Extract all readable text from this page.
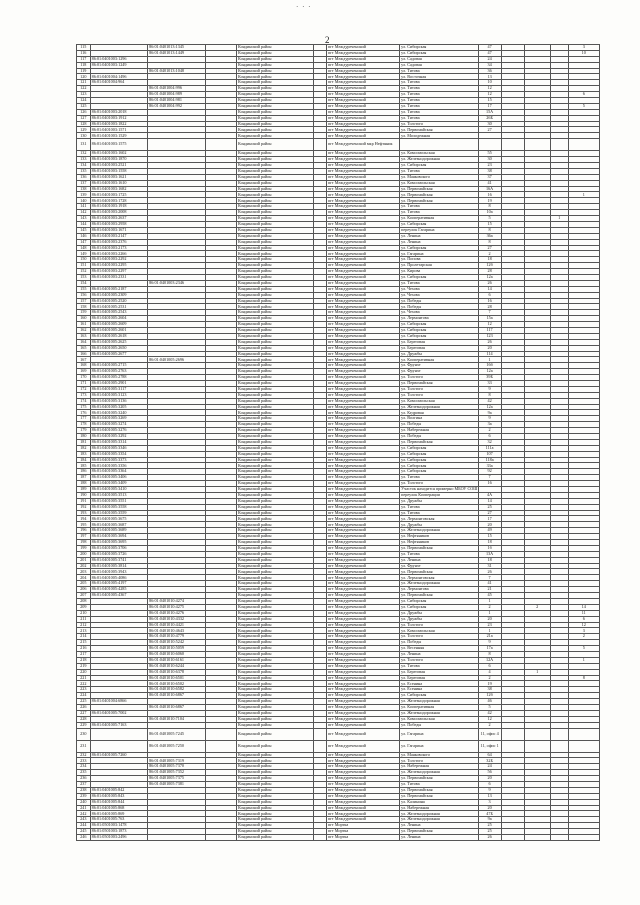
· · ·
2
115		86:01:0401013:1345		Кондинский район		пгт Междуреченский	ул. Сибирская	47				3
116		86:01:0401013:1449		Кондинский район		пгт Междуреченский	ул. Сибирская	47				10
117	86:01:0401003:1296			Кондинский район		пгт Междуреченский	ул. Садовая	24				
118	86:01:0401003:1249			Кондинский район		пгт Междуреченский	ул. Садовая	34				
119		86:01:0401013:1048		Кондинский район		пгт Междуреченский	ул. Титова	36				
120	86:01:0401004:1496			Кондинский район		пгт Междуреченский	ул. Восточная	13				
121	86:01:0401004:964			Кондинский район		пгт Междуреченский	ул. Титова	10				
122		86:01:0401004:996		Кондинский район		пгт Междуреченский	ул. Титова	12				
123		86:01:0401004:989		Кондинский район		пгт Междуреченский	ул. Титова	12				6
124		86:01:0401004:981		Кондинский район		пгт Междуреченский	ул. Титова	15				
125		86:01:0401004:992		Кондинский район		пгт Междуреченский	ул. Титова	17				5
126	86:01:0401003:2018			Кондинский район		пгт Междуреченский	ул. Титова	15А				
127	86:01:0401003:1912			Кондинский район		пгт Междуреченский	ул. Титова	26Б				
128	86:01:0401003:1822			Кондинский район		пгт Междуреченский	ул. Толстого	30				
129	86:01:0401003:1571			Кондинский район		пгт Междуреченский	ул. Первомайская	27				
130	86:01:0401003:1529			Кондинский район		пгт Междуреченский	ул. Молодежная					
131	86:01:0401003:1575			Кондинский район		пгт Междуреченский мкр Нефтяник						
132	86:01:0401003:1602			Кондинский район		пгт Междуреченский	ул. Комсомольская	55				
133	86:01:0401003:1870			Кондинский район		пгт Междуреченский	ул. Железнодорожная	30				
134	86:01:0401003:2521			Кондинский район		пгт Междуреченский	ул. Сибирская	23				
135	86:01:0401003:1558			Кондинский район		пгт Междуреченский	ул. Титова	38				
136	86:01:0401003:1621			Кондинский район		пгт Междуреченский	ул. Маяковского	37				
137	86:01:0401003:1610			Кондинский район		пгт Междуреченский	ул. Комсомольская	41				
138	86:01:0401003:1682			Кондинский район		пгт Междуреченский	ул. Первомайская	16А				
139	86:01:0401003:1725			Кондинский район		пгт Междуреченский	ул. Первомайская	16				1
140	86:01:0401003:1728			Кондинский район		пгт Междуреченский	ул. Первомайская	19				
141	86:01:0401003:1918			Кондинский район		пгт Междуреченский	ул. Титова	8				
142	86:01:0401003:2008			Кондинский район		пгт Междуреченский	ул. Титова	10а				
143	86:01:0401003:2637			Кондинский район		пгт Междуреченский	ул. Кооперативная	5			1	
144	86:01:0401003:2958			Кондинский район		пгт Междуреченский	ул. Сибирская	15				
145	86:01:0401003:1671			Кондинский район		пгт Междуреченский	переулок Гагарина	8				
146	86:01:0401003:2147			Кондинский район		пгт Междуреченский	ул. Ленина	36а				
147	86:01:0401003:2376			Кондинский район		пгт Междуреченский	ул. Ленина	8				
148	86:01:0401003:2173			Кондинский район		пгт Междуреченский	ул. Сибирская	27				
149	86:01:0401003:2266			Кондинский район		пгт Междуреченский	ул. Гагарина	2				
150	86:01:0401003:2292			Кондинский район		пгт Междуреченский	ул. Попова	18				
151	86:01:0401003:2295			Кондинский район		пгт Междуреченский	ул. Пролетарская	12б				
152	86:01:0401003:2297			Кондинский район		пгт Междуреченский	ул. Кирова	28				
153	86:01:0401003:2331			Кондинский район		пгт Междуреченский	ул. Сибирская	12а				
154		86:01:0401003:2346		Кондинский район		пгт Междуреченский	ул. Титова	26				
155	86:01:0401005:2187			Кондинский район		пгт Междуреченский	ул. Чехова	14				
156	86:01:0401005:2309			Кондинский район		пгт Междуреченский	ул. Чехова	6				
157	86:01:0401005:2520			Кондинский район		пгт Междуреченский	ул. Победы	16				
158	86:01:0401005:2531			Кондинский район		пгт Междуреченский	ул. Победы	28				
159	86:01:0401005:2543			Кондинский район		пгт Междуреченский	ул. Чехова	7				
160	86:01:0401005:2604			Кондинский район		пгт Междуреченский	ул. Лермонтова	15а				
161	86:01:0401005:2609			Кондинский район		пгт Междуреченский	ул. Сибирская	12				
162	86:01:0401005:2601			Кондинский район		пгт Междуреченский	ул. Сибирская	117				
163	86:01:0401005:2618			Кондинский район		пгт Междуреченский	ул. Сибирская	123				
164	86:01:0401005:2625			Кондинский район		пгт Междуреченский	ул. Береговая	26				
165	86:01:0401005:2650			Кондинский район		пгт Междуреченский	ул. Береговая	20				
166	86:01:0401005:2677			Кондинский район		пгт Междуреченский	ул. Дружбы	114				
167		86:01:0401005:2696		Кондинский район		пгт Междуреченский	ул. Кооперативная	1				
168	86:01:0401005:2715			Кондинский район		пгт Междуреченский	ул. Фрунзе	16б				
169	86:01:0401005:2763			Кондинский район		пгт Междуреченский	ул. Фрунзе	12а				
170	86:01:0401005:2788			Кондинский район		пгт Междуреченский	ул. Толстого	39Б				
171	86:01:0401005:2901			Кондинский район		пгт Междуреченский	ул. Первомайская	33				
172	86:01:0401005:3117			Кондинский район		пгт Междуреченский	ул. Толстого	9				
173	86:01:0401005:3123			Кондинский район		пгт Междуреченский	ул. Толстого	8				
174	86:01:0401005:3136			Кондинский район		пгт Междуреченский	ул. Комсомольская	42				
175	86:01:0401005:3205			Кондинский район		пгт Междуреченский	ул. Железнодорожная	12а				
176	86:01:0401005:3240			Кондинский район		пгт Междуреченский	ул. Кедровая	9а				
177	86:01:0401005:3269			Кондинский район		пгт Междуреченский	ул. Волгина	9				
178	86:01:0401005:3274			Кондинский район		пгт Междуреченский	ул. Победы	3а				
179	86:01:0401005:3276			Кондинский район		пгт Междуреченский	ул. Набережная	2				
180	86:01:0401005:3292			Кондинский район		пгт Междуреченский	ул. Победы	6				
181	86:01:0401005:3314			Кондинский район		пгт Междуреченский	ул. Первомайская	32				
182	86:01:0401005:3346			Кондинский район		пгт Междуреченский	ул. Сибирская	111а				
183	86:01:0401005:3354			Кондинский район		пгт Междуреченский	ул. Сибирская	107				
184	86:01:0401005:3373			Кондинский район		пгт Междуреченский	ул. Сибирская	118а				
185	86:01:0401005:3356			Кондинский район		пгт Междуреченский	ул. Сибирская	33а				
186	86:01:0401005:3364			Кондинский район		пгт Междуреченский	ул. Сибирская	92				
187	86:01:0401005:3406			Кондинский район		пгт Междуреченский	ул. Титова	7				
188	86:01:0401005:3409			Кондинский район		пгт Междуреченский	ул. Толстого	16				
189	86:01:0401005:3410			Кондинский район		пгт Междуреченский	Участок находится примерно МБОУ СОШ					
190	86:01:0401005:3513			Кондинский район		пгт Междуреченский	переулок Кооперации	4А				
191	86:01:0401005:3551			Кондинский район		пгт Междуреченский	ул. Дружбы	14				
192	86:01:0401005:3558			Кондинский район		пгт Междуреченский	ул. Титова	25				
193	86:01:0401005:3559			Кондинский район		пгт Междуреченский	ул. Титова	27				
194	86:01:0401005:3675			Кондинский район		пгт Междуреченский	ул. Лермонтовская	17				
195	86:01:0401005:3687			Кондинский район		пгт Междуреченский	ул. Дружбы	20				
196	86:01:0401005:3689			Кондинский район		пгт Междуреченский	ул. Железнодорожная	49				
197	86:01:0401005:3694			Кондинский район		пгт Междуреченский	ул. Нефтяников	15				
198	86:01:0401005:3695			Кондинский район		пгт Междуреченский	ул. Нефтяников	18				
199	86:01:0401005:3706			Кондинский район		пгт Междуреченский	ул. Первомайская	1б				
200	86:01:0401005:3726			Кондинский район		пгт Междуреченский	ул. Титова	13А				
201	86:01:0401005:3741			Кондинский район		пгт Междуреченский	ул. Ленина	18				
202	86:01:0401005:3814			Кондинский район		пгт Междуреченский	ул. Фрунзе	31				
203	86:01:0401005:3943			Кондинский район		пгт Междуреченский	ул. Первомайская	26				
204	86:01:0401005:4086			Кондинский район		пгт Междуреченский	ул. Лермонтовская	7				
205	86:01:0401005:4197			Кондинский район		пгт Междуреченский	ул. Железнодорожная	41				
206	86:01:0401005:4285			Кондинский район		пгт Междуреченский	ул. Лермонтова	21				
207	86:01:0401005:4367			Кондинский район		пгт Междуреченский	ул. Первомайская	45				
208		86:01:0401010:4274		Кондинский район		пгт Междуреченский	ул. Сибирская	1				
209		86:01:0401010:4275		Кондинский район		пгт Междуреченский	ул. Сибирская	2		2		14
210		86:01:0401010:4276		Кондинский район		пгт Междуреченский	ул. Дружбы	1				11
211		86:01:0401010:4332		Кондинский район		пгт Междуреченский	ул. Дружбы	20				6
212		86:01:0401010:4421		Кондинский район		пгт Междуреченский	ул. Толстого	23				12
213		86:01:0401010:4643		Кондинский район		пгт Междуреченский	ул. Комсомольская	1				3
214		86:01:0401010:4779		Кондинский район		пгт Междуреченский	ул. Толстого	21а				2
215		86:01:0401010:5242		Кондинский район		пгт Междуреченский	ул. Победы	9				
216		86:01:0401010:5059		Кондинский район		пгт Междуреченский	ул. Весенняя	17а				5
217		86:01:0401010:6060		Кондинский район		пгт Междуреченский	ул. Ленина	8				
218		86:01:0401010:6161		Кондинский район		пгт Междуреченский	ул. Толстого	12А				1
219		86:01:0401010:6244		Кондинский район		пгт Междуреченский	ул. Титова	6				
220		86:01:0401010:6378		Кондинский район		пгт Междуреченский	ул. Береговая	4		1		
221		86:01:0401010:6501		Кондинский район		пгт Междуреченский	ул. Береговая	2				8
222		86:01:0401010:6502		Кондинский район		пгт Междуреченский	ул. Есенина	19				
223		86:01:0401010:6582		Кондинский район		пгт Междуреченский	ул. Есенина	38				
224		86:01:0401010:6867		Кондинский район		пгт Междуреченский	ул. Сибирская	12б				
225	86:01:0401004:6866			Кондинский район		пгт Междуреченский	ул. Железнодорожная	46				
226		86:01:0401010:6867		Кондинский район		пгт Междуреченский	ул. Кооперативная	5				
227	86:01:0401005:7002			Кондинский район		пгт Междуреченский	ул. Железнодорожная	42				
228		86:01:0401010:7104		Кондинский район		пгт Междуреченский	ул. Комсомольская	12				
229	86:01:0401005:7163			Кондинский район		пгт Междуреченский	ул. Победы	2				
230		86:01:0401005:7245		Кондинский район		пгт Междуреченский	ул. Гагарина	11, офис 4				
231		86:01:0401005:7250		Кондинский район		пгт Междуреченский	ул. Гагарина	11, офис 1				
232	86:01:0401005:7260			Кондинский район		пгт Междуреченский	ул. Маяковского	64				
233		86:01:0401005:7319		Кондинский район		пгт Междуреченский	ул. Толстого	32Б				
234		86:01:0401005:7370		Кондинский район		пгт Междуреченский	ул. Набережная	24				
235		86:01:0401005:7352		Кондинский район		пгт Междуреченский	ул. Железнодорожная	56				
236		86:01:0401005:7375		Кондинский район		пгт Междуреченский	ул. Первомайская	20				
237		86:01:0401005:7381		Кондинский район		пгт Междуреченский	ул. Титова	6				
238	86:01:0401005:842			Кондинский район		пгт Междуреченский	ул. Первомайская	9				
239	86:01:0401005:843			Кондинский район		пгт Междуреченский	ул. Первомайская	13				
240	86:01:0401005:844			Кондинский район		пгт Междуреченский	ул. Калинина	3				
241	86:01:0401005:868			Кондинский район		пгт Междуреченский	ул. Набережная	20				
242	86:01:0401005:869			Кондинский район		пгт Междуреченский	ул. Железнодорожная	47Б				
243	86:01:0401005:763			Кондинский район		пгт Междуреченский	ул. Железнодорожная	9а				
244	86:01:0501003:1478			Кондинский район		пгт Мортка	ул. Ленина	25				
245	86:01:0501003:1873			Кондинский район		пгт Мортка	ул. Первомайская	25				
246	86:01:0501003:2496			Кондинский район		пгт Мортка	ул. Ленина	26				
